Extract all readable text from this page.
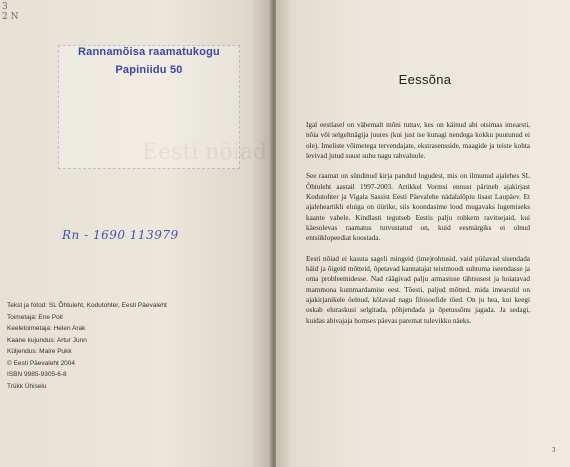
3
2 N
Eesti nõiad
Rannamõisa raamatukogu
Papiniidu 50
Rn - 1690 113979
Tekst ja fotod: SL Õhtuleht, Kodutohter, Eesti Päevaleht
Toimetaja: Ene Poll
Keeletoimetaja: Helen Arak
Kaane kujundus: Artur Junn
Küljendus: Maire Pukk
© Eesti Päevaleht 2004
ISBN 9985-9305-6-8
Trükk Ühiselu
Eessõna

Igal eestlasel on vähemalt mõni tuttav, kes on käinud abi otsimas imearsti, nõia või selgeltnägija juures (kui just ise kunagi nendega kokku puutunud ei ole). Imeliste võimetega tervendajate, ekstrasensside, maagide ja teiste kohta levivad jutud suust suhu nagu rahvaluule.

See raamat on sündinud kirja pandud lugudest, mis on ilmunud ajalehes SL Õhtuleht aastail 1997-2003. Artikkel Vormsi ennust pärineb ajakirjast Kodutohter ja Vigala Sassist Eesti Päevalehe nädalalõpiu lisast Laupäev. Et ajaleheartikli eluiga on üürike, siis koondasime lood mugavaks lugemiseks kaante vahele. Kindlasti tegutseb Eestis palju rohkem ravitsejaid, kui käesolevas raamatus tutvustatud on, kuid eesmärgiks ei olnud entsüklopeediat koostada.

Eesti nõiad ei kasuta sageli mingeid (ime)rohtusid, vaid püüavad sisendada häid ja õigeid mõtteid, õpetavad kannatajat teistmoodi suhtuma iseendasse ja oma probleemidesse. Nad räägivad palju armastuse tähtsusest ja hoiatavad mammona kummardamise eest. Tõesti, paljud mõtted, mida imearstid on ajakirjanikele öelnud, kõlavad nagu filosoofide töed. On ju hea, kui keegi oskab eluraskusi selgitada, põhjendada ja õpetussõnu jagada. Ja sedagi, kuidas abivajaja homses päevas paremat tulevikku näeks.

3
